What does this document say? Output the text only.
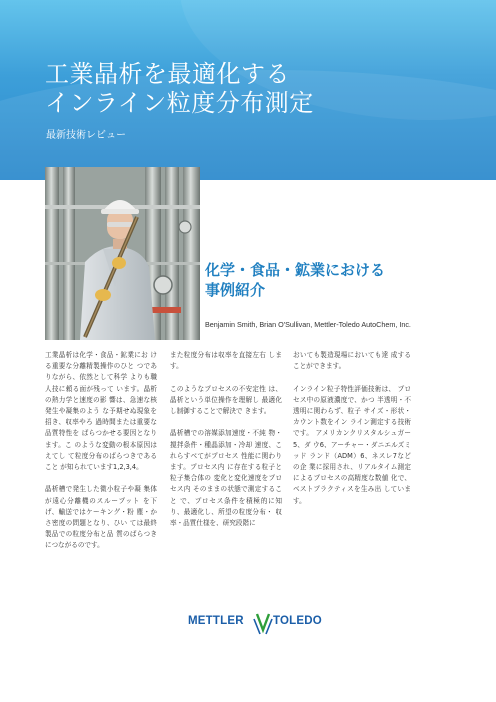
工業晶析を最適化する
インライン粒度分布測定
最新技術レビュー
化学・食品・鉱業における
事例紹介
Benjamin Smith, Brian O'Sullivan, Mettler-Toledo AutoChem, Inc.

工業晶析は化学・食品・鉱業にお ける重要な分離精製操作のひと つでありながら、依然として科学 よりも職人技に頼る面が残って います。晶析の熱力学と速度の影 響は、急速な核発生や凝集のよう な予期せぬ現象を招き、収率やろ 過時間または重要な品質特性を ばらつかせる要因となります。こ のような変動の根本原因はえてし て粒度分布のばらつきであること が知られています1,2,3,4。

晶析槽で発生した微小粒子や凝 集体が遠心分離機のスループット を下げ、輸送ではケーキング・粉 塵・かさ密度の問題となり、ひい ては最終製品での粒度分布と品 質のばらつきにつながるのです。

また粒度分布は収率を直接左右 します。

このようなプロセスの不安定性 は、晶析という単位操作を理解し 最適化し制御することで解決で きます。

晶析槽での溶媒添加速度・不純 物・撹拌条件・種晶添加・冷却 速度、これらすべてがプロセス 性能に関わります。プロセス内 に存在する粒子と粒子集合体の 変化と変化速度をプロセス内 そのままの状態で測定すること で、プロセス条件を積極的に知 り、最適化し、所望の粒度分布・ 収率・品質仕様を、研究段階に

おいても製造現場においても達 成することができます。

インライン粒子特性評価技術は、 プロセス中の原液濃度で、かつ 半透明・不透明に関わらず、粒子 サイズ・形状・カウント数をイン ライン測定する技術です。 アメリカンクリスタルシュガー5、ダ ウ6、アーチャー・ダニエルズミッド ランド（ADM）6、ネスレ7などの企 業に採用され、リアルタイム測定 によるプロセスの高精度な数値 化で、ベストプラクティスを生み出 しています。

METTLER	TOLEDO
